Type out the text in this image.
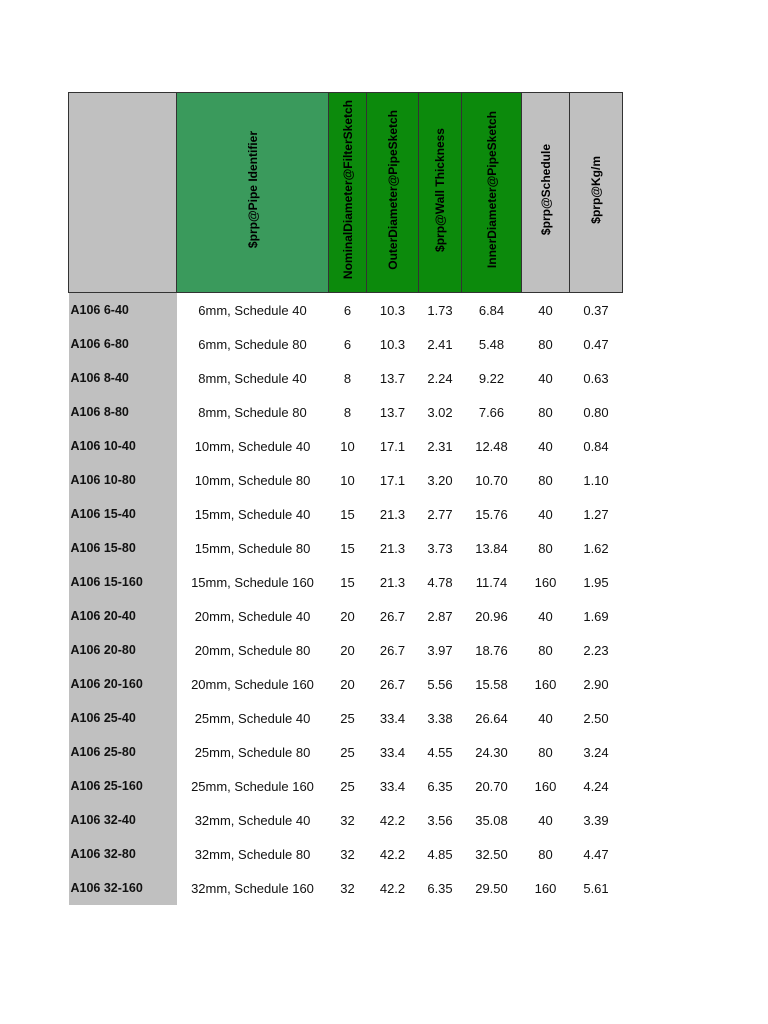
	$prp@Pipe Identifier	NominalDiameter@FilterSketch	OuterDiameter@PipeSketch	$prp@Wall Thickness	InnerDiameter@PipeSketch	$prp@Schedule	$prp@Kg/m
A106 6-40	6mm, Schedule 40	6	10.3	1.73	6.84	40	0.37
A106 6-80	6mm, Schedule 80	6	10.3	2.41	5.48	80	0.47
A106 8-40	8mm, Schedule 40	8	13.7	2.24	9.22	40	0.63
A106 8-80	8mm, Schedule 80	8	13.7	3.02	7.66	80	0.80
A106 10-40	10mm, Schedule 40	10	17.1	2.31	12.48	40	0.84
A106 10-80	10mm, Schedule 80	10	17.1	3.20	10.70	80	1.10
A106 15-40	15mm, Schedule 40	15	21.3	2.77	15.76	40	1.27
A106 15-80	15mm, Schedule 80	15	21.3	3.73	13.84	80	1.62
A106 15-160	15mm, Schedule 160	15	21.3	4.78	11.74	160	1.95
A106 20-40	20mm, Schedule 40	20	26.7	2.87	20.96	40	1.69
A106 20-80	20mm, Schedule 80	20	26.7	3.97	18.76	80	2.23
A106 20-160	20mm, Schedule 160	20	26.7	5.56	15.58	160	2.90
A106 25-40	25mm, Schedule 40	25	33.4	3.38	26.64	40	2.50
A106 25-80	25mm, Schedule 80	25	33.4	4.55	24.30	80	3.24
A106 25-160	25mm, Schedule 160	25	33.4	6.35	20.70	160	4.24
A106 32-40	32mm, Schedule 40	32	42.2	3.56	35.08	40	3.39
A106 32-80	32mm, Schedule 80	32	42.2	4.85	32.50	80	4.47
A106 32-160	32mm, Schedule 160	32	42.2	6.35	29.50	160	5.61
